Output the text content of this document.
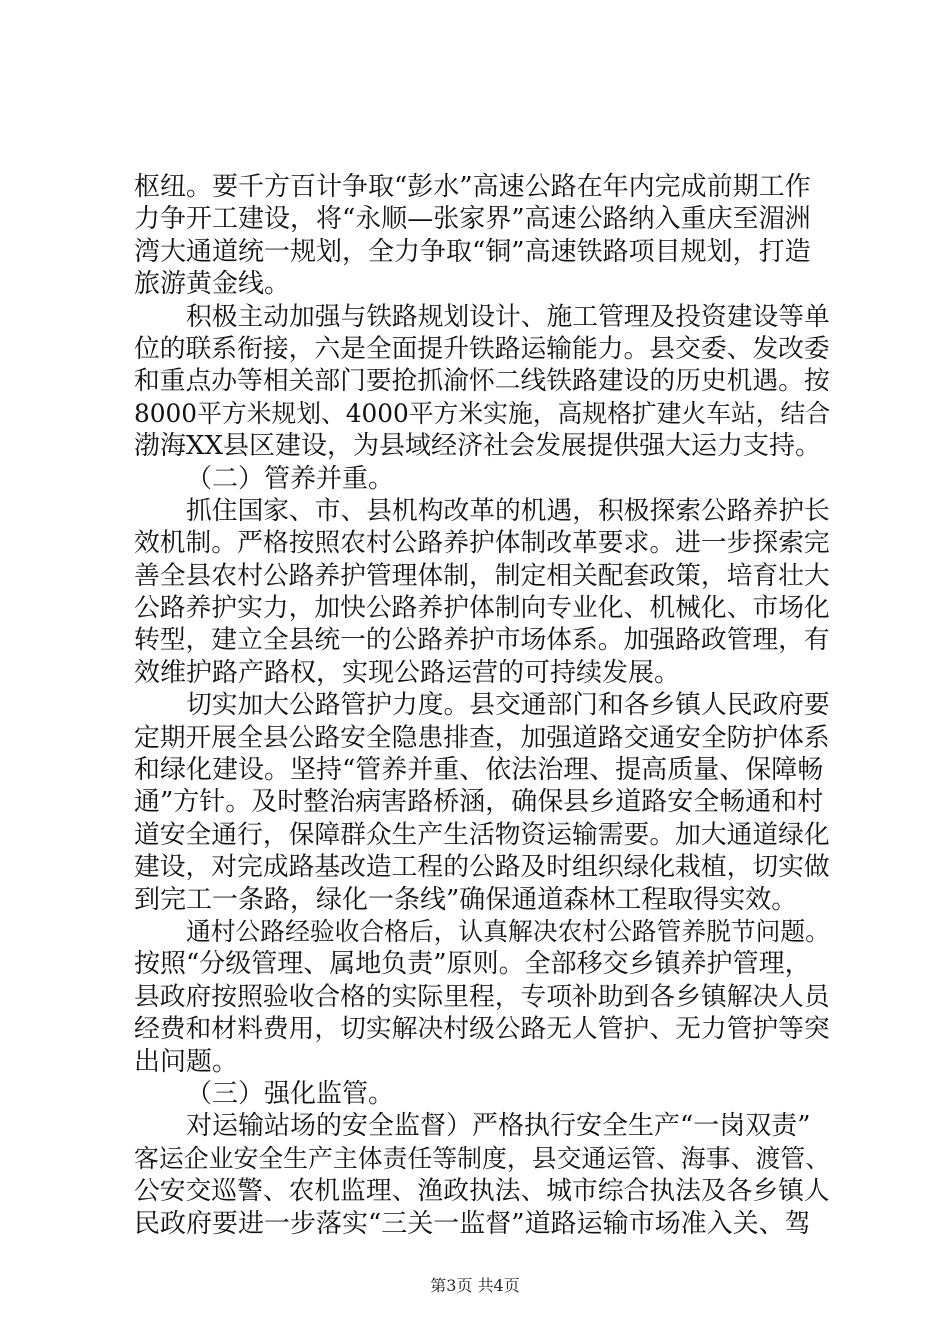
枢纽。要千方百计争取“彭水”高速公路在年内完成前期工作
力争开工建设，将“永顺—张家界”高速公路纳入重庆至湄洲
湾大通道统一规划，全力争取“铜”高速铁路项目规划，打造
旅游黄金线。
积极主动加强与铁路规划设计、施工管理及投资建设等单
位的联系衔接，六是全面提升铁路运输能力。县交委、发改委
和重点办等相关部门要抢抓渝怀二线铁路建设的历史机遇。按
8000平方米规划、4000平方米实施，高规格扩建火车站，结合
渤海XX县区建设，为县域经济社会发展提供强大运力支持。
（二）管养并重。
抓住国家、市、县机构改革的机遇，积极探索公路养护长
效机制。严格按照农村公路养护体制改革要求。进一步探索完
善全县农村公路养护管理体制，制定相关配套政策，培育壮大
公路养护实力，加快公路养护体制向专业化、机械化、市场化
转型，建立全县统一的公路养护市场体系。加强路政管理，有
效维护路产路权，实现公路运营的可持续发展。
切实加大公路管护力度。县交通部门和各乡镇人民政府要
定期开展全县公路安全隐患排查，加强道路交通安全防护体系
和绿化建设。坚持“管养并重、依法治理、提高质量、保障畅
通”方针。及时整治病害路桥涵，确保县乡道路安全畅通和村
道安全通行，保障群众生产生活物资运输需要。加大通道绿化
建设，对完成路基改造工程的公路及时组织绿化栽植，切实做
到完工一条路，绿化一条线”确保通道森林工程取得实效。
通村公路经验收合格后，认真解决农村公路管养脱节问题。
按照“分级管理、属地负责”原则。全部移交乡镇养护管理，
县政府按照验收合格的实际里程，专项补助到各乡镇解决人员
经费和材料费用，切实解决村级公路无人管护、无力管护等突
出问题。
（三）强化监管。
对运输站场的安全监督）严格执行安全生产“一岗双责”
客运企业安全生产主体责任等制度，县交通运管、海事、渡管、
公安交巡警、农机监理、渔政执法、城市综合执法及各乡镇人
民政府要进一步落实“三关一监督”道路运输市场准入关、驾
第3页 共4页
